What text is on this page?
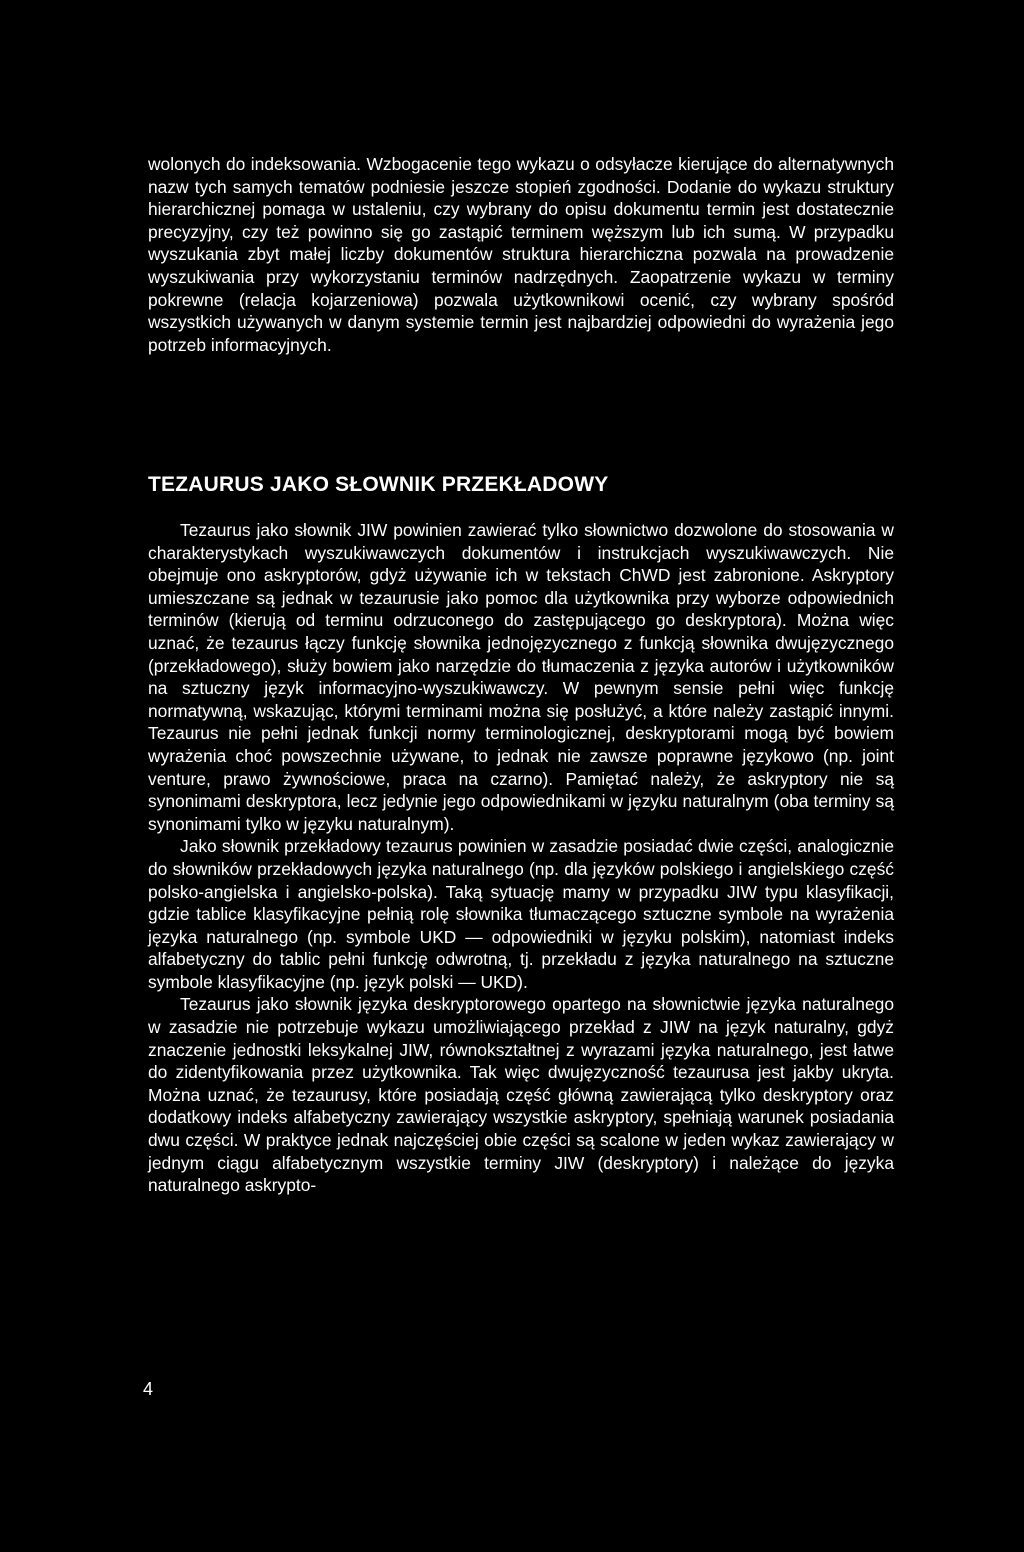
wolonych do indeksowania. Wzbogacenie tego wykazu o odsyłacze kierujące do alternatywnych nazw tych samych tematów podniesie jeszcze stopień zgodności. Dodanie do wykazu struktury hierarchicznej pomaga w ustaleniu, czy wybrany do opisu dokumentu termin jest dostatecznie precyzyjny, czy też powinno się go zastąpić terminem węższym lub ich sumą. W przypadku wyszukania zbyt małej liczby dokumentów struktura hierarchiczna pozwala na prowadzenie wyszukiwania przy wykorzystaniu terminów nadrzędnych. Zaopatrzenie wykazu w terminy pokrewne (relacja kojarzeniowa) pozwala użytkownikowi ocenić, czy wybrany spośród wszystkich używanych w danym systemie termin jest najbardziej odpowiedni do wyrażenia jego potrzeb informacyjnych.

TEZAURUS JAKO SŁOWNIK PRZEKŁADOWY

Tezaurus jako słownik JIW powinien zawierać tylko słownictwo dozwolone do stosowania w charakterystykach wyszukiwawczych dokumentów i instrukcjach wyszukiwawczych. Nie obejmuje ono askryptorów, gdyż używanie ich w tekstach ChWD jest zabronione. Askryptory umieszczane są jednak w tezaurusie jako pomoc dla użytkownika przy wyborze odpowiednich terminów (kierują od terminu odrzuconego do zastępującego go deskryptora). Można więc uznać, że tezaurus łączy funkcję słownika jednojęzycznego z funkcją słownika dwujęzycznego (przekładowego), służy bowiem jako narzędzie do tłumaczenia z języka autorów i użytkowników na sztuczny język informacyjno-wyszukiwawczy. W pewnym sensie pełni więc funkcję normatywną, wskazując, którymi terminami można się posłużyć, a które należy zastąpić innymi. Tezaurus nie pełni jednak funkcji normy terminologicznej, deskryptorami mogą być bowiem wyrażenia choć powszechnie używane, to jednak nie zawsze poprawne językowo (np. joint venture, prawo żywnościowe, praca na czarno). Pamiętać należy, że askryptory nie są synonimami deskryptora, lecz jedynie jego odpowiednikami w języku naturalnym (oba terminy są synonimami tylko w języku naturalnym).

Jako słownik przekładowy tezaurus powinien w zasadzie posiadać dwie części, analogicznie do słowników przekładowych języka naturalnego (np. dla języków polskiego i angielskiego część polsko-angielska i angielsko-polska). Taką sytuację mamy w przypadku JIW typu klasyfikacji, gdzie tablice klasyfikacyjne pełnią rolę słownika tłumaczącego sztuczne symbole na wyrażenia języka naturalnego (np. symbole UKD — odpowiedniki w języku polskim), natomiast indeks alfabetyczny do tablic pełni funkcję odwrotną, tj. przekładu z języka naturalnego na sztuczne symbole klasyfikacyjne (np. język polski — UKD).

Tezaurus jako słownik języka deskryptorowego opartego na słownictwie języka naturalnego w zasadzie nie potrzebuje wykazu umożliwiającego przekład z JIW na język naturalny, gdyż znaczenie jednostki leksykalnej JIW, równokształtnej z wyrazami języka naturalnego, jest łatwe do zidentyfikowania przez użytkownika. Tak więc dwujęzyczność tezaurusa jest jakby ukryta. Można uznać, że tezaurusy, które posiadają część główną zawierającą tylko deskryptory oraz dodatkowy indeks alfabetyczny zawierający wszystkie askryptory, spełniają warunek posiadania dwu części. W praktyce jednak najczęściej obie części są scalone w jeden wykaz zawierający w jednym ciągu alfabetycznym wszystkie terminy JIW (deskryptory) i należące do języka naturalnego askrypto-

4
